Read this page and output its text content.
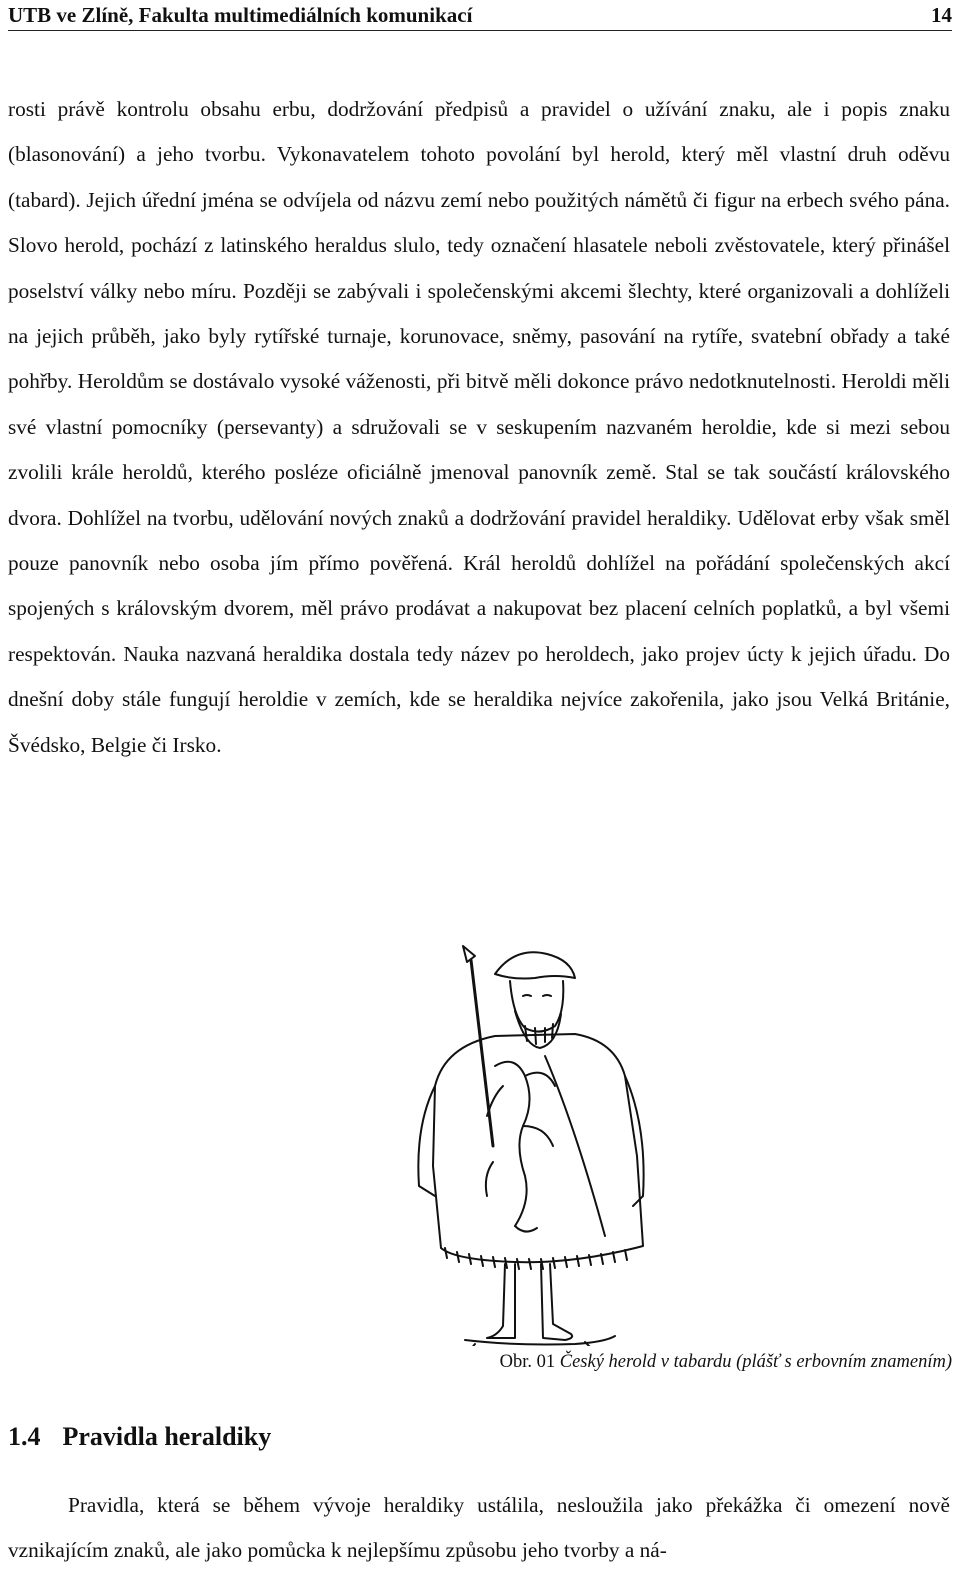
UTB ve Zlíně, Fakulta multimediálních komunikací	14

rosti právě kontrolu obsahu erbu, dodržování předpisů a pravidel o užívání znaku, ale i popis znaku (blasonování) a jeho tvorbu. Vykonavatelem tohoto povolání byl herold, který měl vlastní druh oděvu (tabard). Jejich úřední jména se odvíjela od názvu zemí nebo použitých námětů či figur na erbech svého pána. Slovo herold, pochází z latinského heraldus slulo, tedy označení hlasatele neboli zvěstovatele, který přinášel poselství války nebo míru. Později se zabývali i společenskými akcemi šlechty, které organizovali a dohlíželi na jejich průběh, jako byly rytířské turnaje, korunovace, sněmy, pasování na rytíře, svatební obřady a také pohřby. Heroldům se dostávalo vysoké váženosti, při bitvě měli dokonce právo nedotknutelnosti. Heroldi měli své vlastní pomocníky (persevanty) a sdružovali se v seskupením nazvaném heroldie, kde si mezi sebou zvolili krále heroldů, kterého posléze oficiálně jmenoval panovník země. Stal se tak součástí královského dvora. Dohlížel na tvorbu, udělování nových znaků a dodržování pravidel heraldiky. Udělovat erby však směl pouze panovník nebo osoba jím přímo pověřená. Král heroldů dohlížel na pořádání společenských akcí spojených s královským dvorem, měl právo prodávat a nakupovat bez placení celních poplatků, a byl všemi respektován. Nauka nazvaná heraldika dostala tedy název po heroldech, jako projev úcty k jejich úřadu. Do dnešní doby stále fungují heroldie v zemích, kde se heraldika nejvíce zakořenila, jako jsou Velká Británie, Švédsko, Belgie či Irsko.

Obr. 01 Český herold v tabardu (plášť s erbovním znamením)
1.4 Pravidla heraldiky

Pravidla, která se během vývoje heraldiky ustálila, nesloužila jako překážka či omezení nově vznikajícím znaků, ale jako pomůcka k nejlepšímu způsobu jeho tvorby a ná-
